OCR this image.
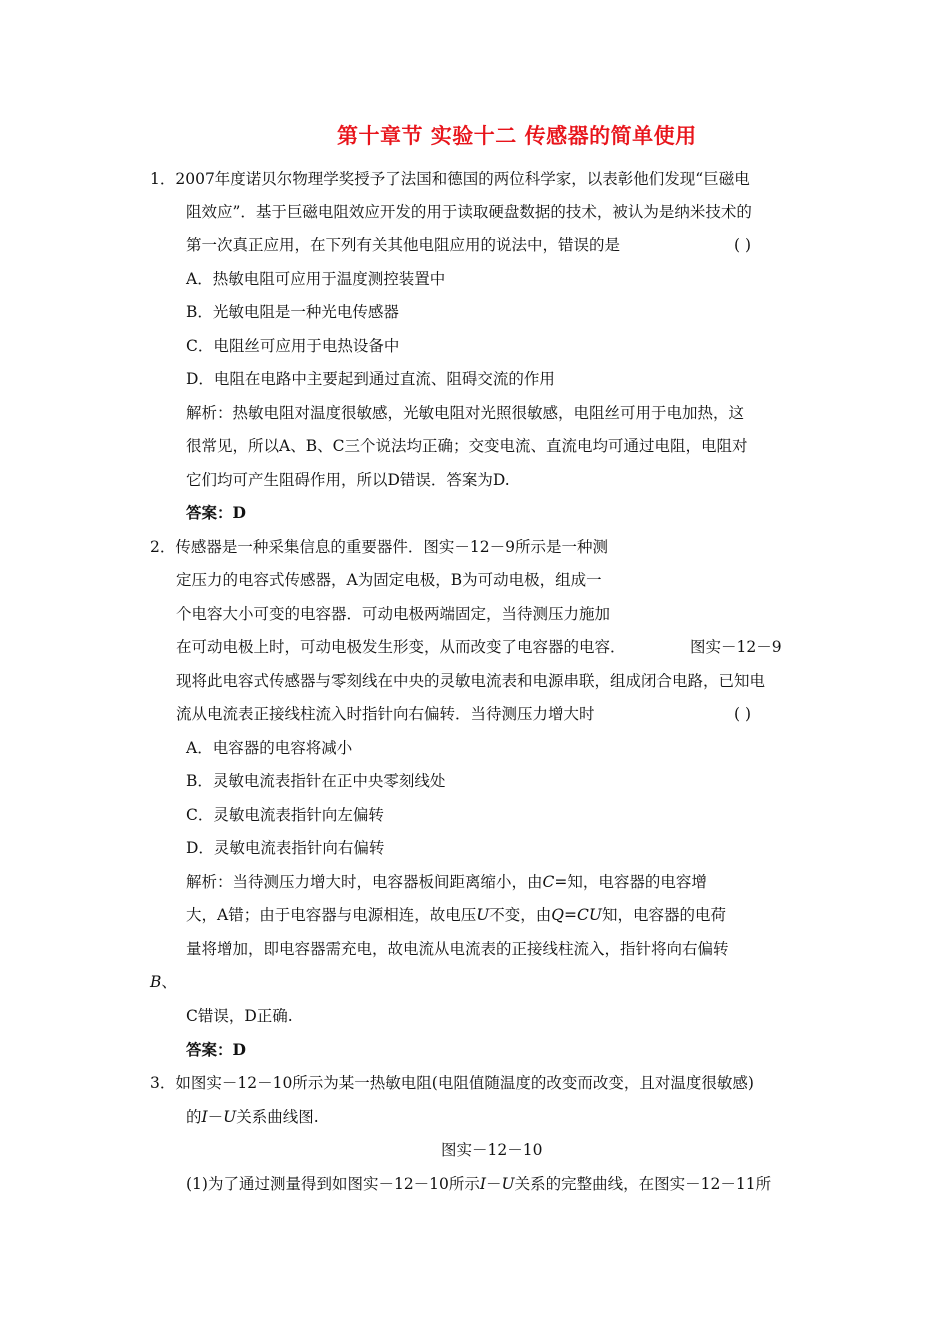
第十章节 实验十二 传感器的简单使用
1．2007年度诺贝尔物理学奖授予了法国和德国的两位科学家，以表彰他们发现“巨磁电
阻效应”．基于巨磁电阻效应开发的用于读取硬盘数据的技术，被认为是纳米技术的
第一次真正应用，在下列有关其他电阻应用的说法中，错误的是	( )
A．热敏电阻可应用于温度测控装置中
B．光敏电阻是一种光电传感器
C．电阻丝可应用于电热设备中
D．电阻在电路中主要起到通过直流、阻碍交流的作用
解析：热敏电阻对温度很敏感，光敏电阻对光照很敏感，电阻丝可用于电加热，这
很常见，所以A、B、C三个说法均正确；交变电流、直流电均可通过电阻，电阻对
它们均可产生阻碍作用，所以D错误．答案为D.
答案：D
2．传感器是一种采集信息的重要器件．图实－12－9所示是一种测
定压力的电容式传感器，A为固定电极，B为可动电极，组成一
个电容大小可变的电容器．可动电极两端固定，当待测压力施加
在可动电极上时，可动电极发生形变，从而改变了电容器的电容．	图实－12－9
现将此电容式传感器与零刻线在中央的灵敏电流表和电源串联，组成闭合电路，已知电
流从电流表正接线柱流入时指针向右偏转．当待测压力增大时	( )
A．电容器的电容将减小
B．灵敏电流表指针在正中央零刻线处
C．灵敏电流表指针向左偏转
D．灵敏电流表指针向右偏转
解析：当待测压力增大时，电容器板间距离缩小，由C=知，电容器的电容增
大，A错；由于电容器与电源相连，故电压U不变，由Q=CU知，电容器的电荷
量将增加，即电容器需充电，故电流从电流表的正接线柱流入，指针将向右偏转
B、
C错误，D正确.
答案：D
3．如图实－12－10所示为某一热敏电阻(电阻值随温度的改变而改变，且对温度很敏感)
的I－U关系曲线图.
图实－12－10
(1)为了通过测量得到如图实－12－10所示I－U关系的完整曲线，在图实－12－11所
